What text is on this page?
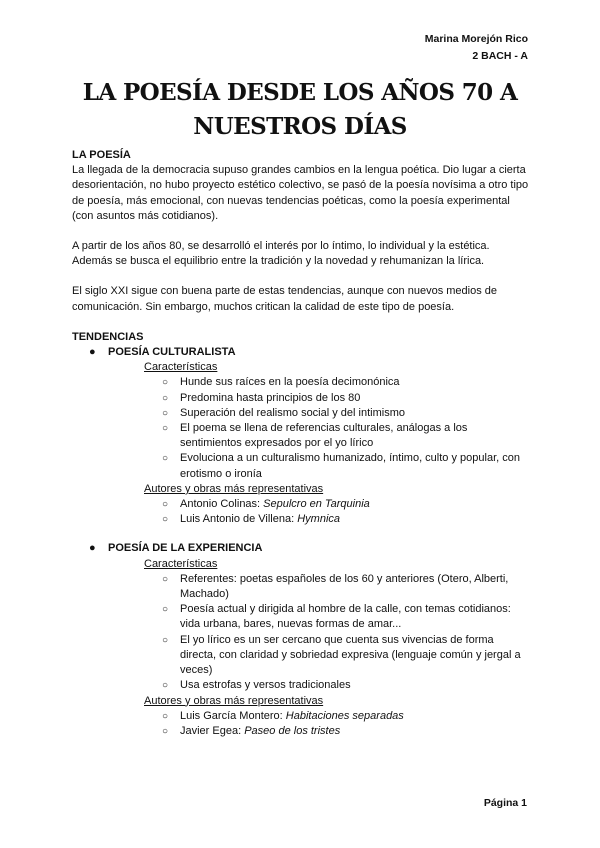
Marina Morejón Rico
2 BACH - A
LA POESÍA DESDE LOS AÑOS 70 A
NUESTROS DÍAS
LA POESÍA

La llegada de la democracia supuso grandes cambios en la lengua poética. Dio lugar a cierta desorientación, no hubo proyecto estético colectivo, se pasó de la poesía novísima a otro tipo de poesía, más emocional, con nuevas tendencias poéticas, como la poesía experimental (con asuntos más cotidianos).

A partir de los años 80, se desarrolló el interés por lo íntimo, lo individual y la estética. Además se busca el equilibrio entre la tradición y la novedad y rehumanizan la lírica.

El siglo XXI sigue con buena parte de estas tendencias, aunque con nuevos medios de comunicación. Sin embargo, muchos critican la calidad de este tipo de poesía.

TENDENCIAS
● POESÍA CULTURALISTA
Características
○ Hunde sus raíces en la poesía decimonónica
○ Predomina hasta principios de los 80
○ Superación del realismo social y del intimismo
○ El poema se llena de referencias culturales, análogas a los sentimientos expresados por el yo lírico
○ Evoluciona a un culturalismo humanizado, íntimo, culto y popular, con erotismo o ironía
Autores y obras más representativas
○ Antonio Colinas: Sepulcro en Tarquinia
○ Luis Antonio de Villena: Hymnica
● POESÍA DE LA EXPERIENCIA
Características
○ Referentes: poetas españoles de los 60 y anteriores (Otero, Alberti, Machado)
○ Poesía actual y dirigida al hombre de la calle, con temas cotidianos: vida urbana, bares, nuevas formas de amar...
○ El yo lírico es un ser cercano que cuenta sus vivencias de forma directa, con claridad y sobriedad expresiva (lenguaje común y jergal a veces)
○ Usa estrofas y versos tradicionales
Autores y obras más representativas
○ Luis García Montero: Habitaciones separadas
○ Javier Egea: Paseo de los tristes
Página 1
